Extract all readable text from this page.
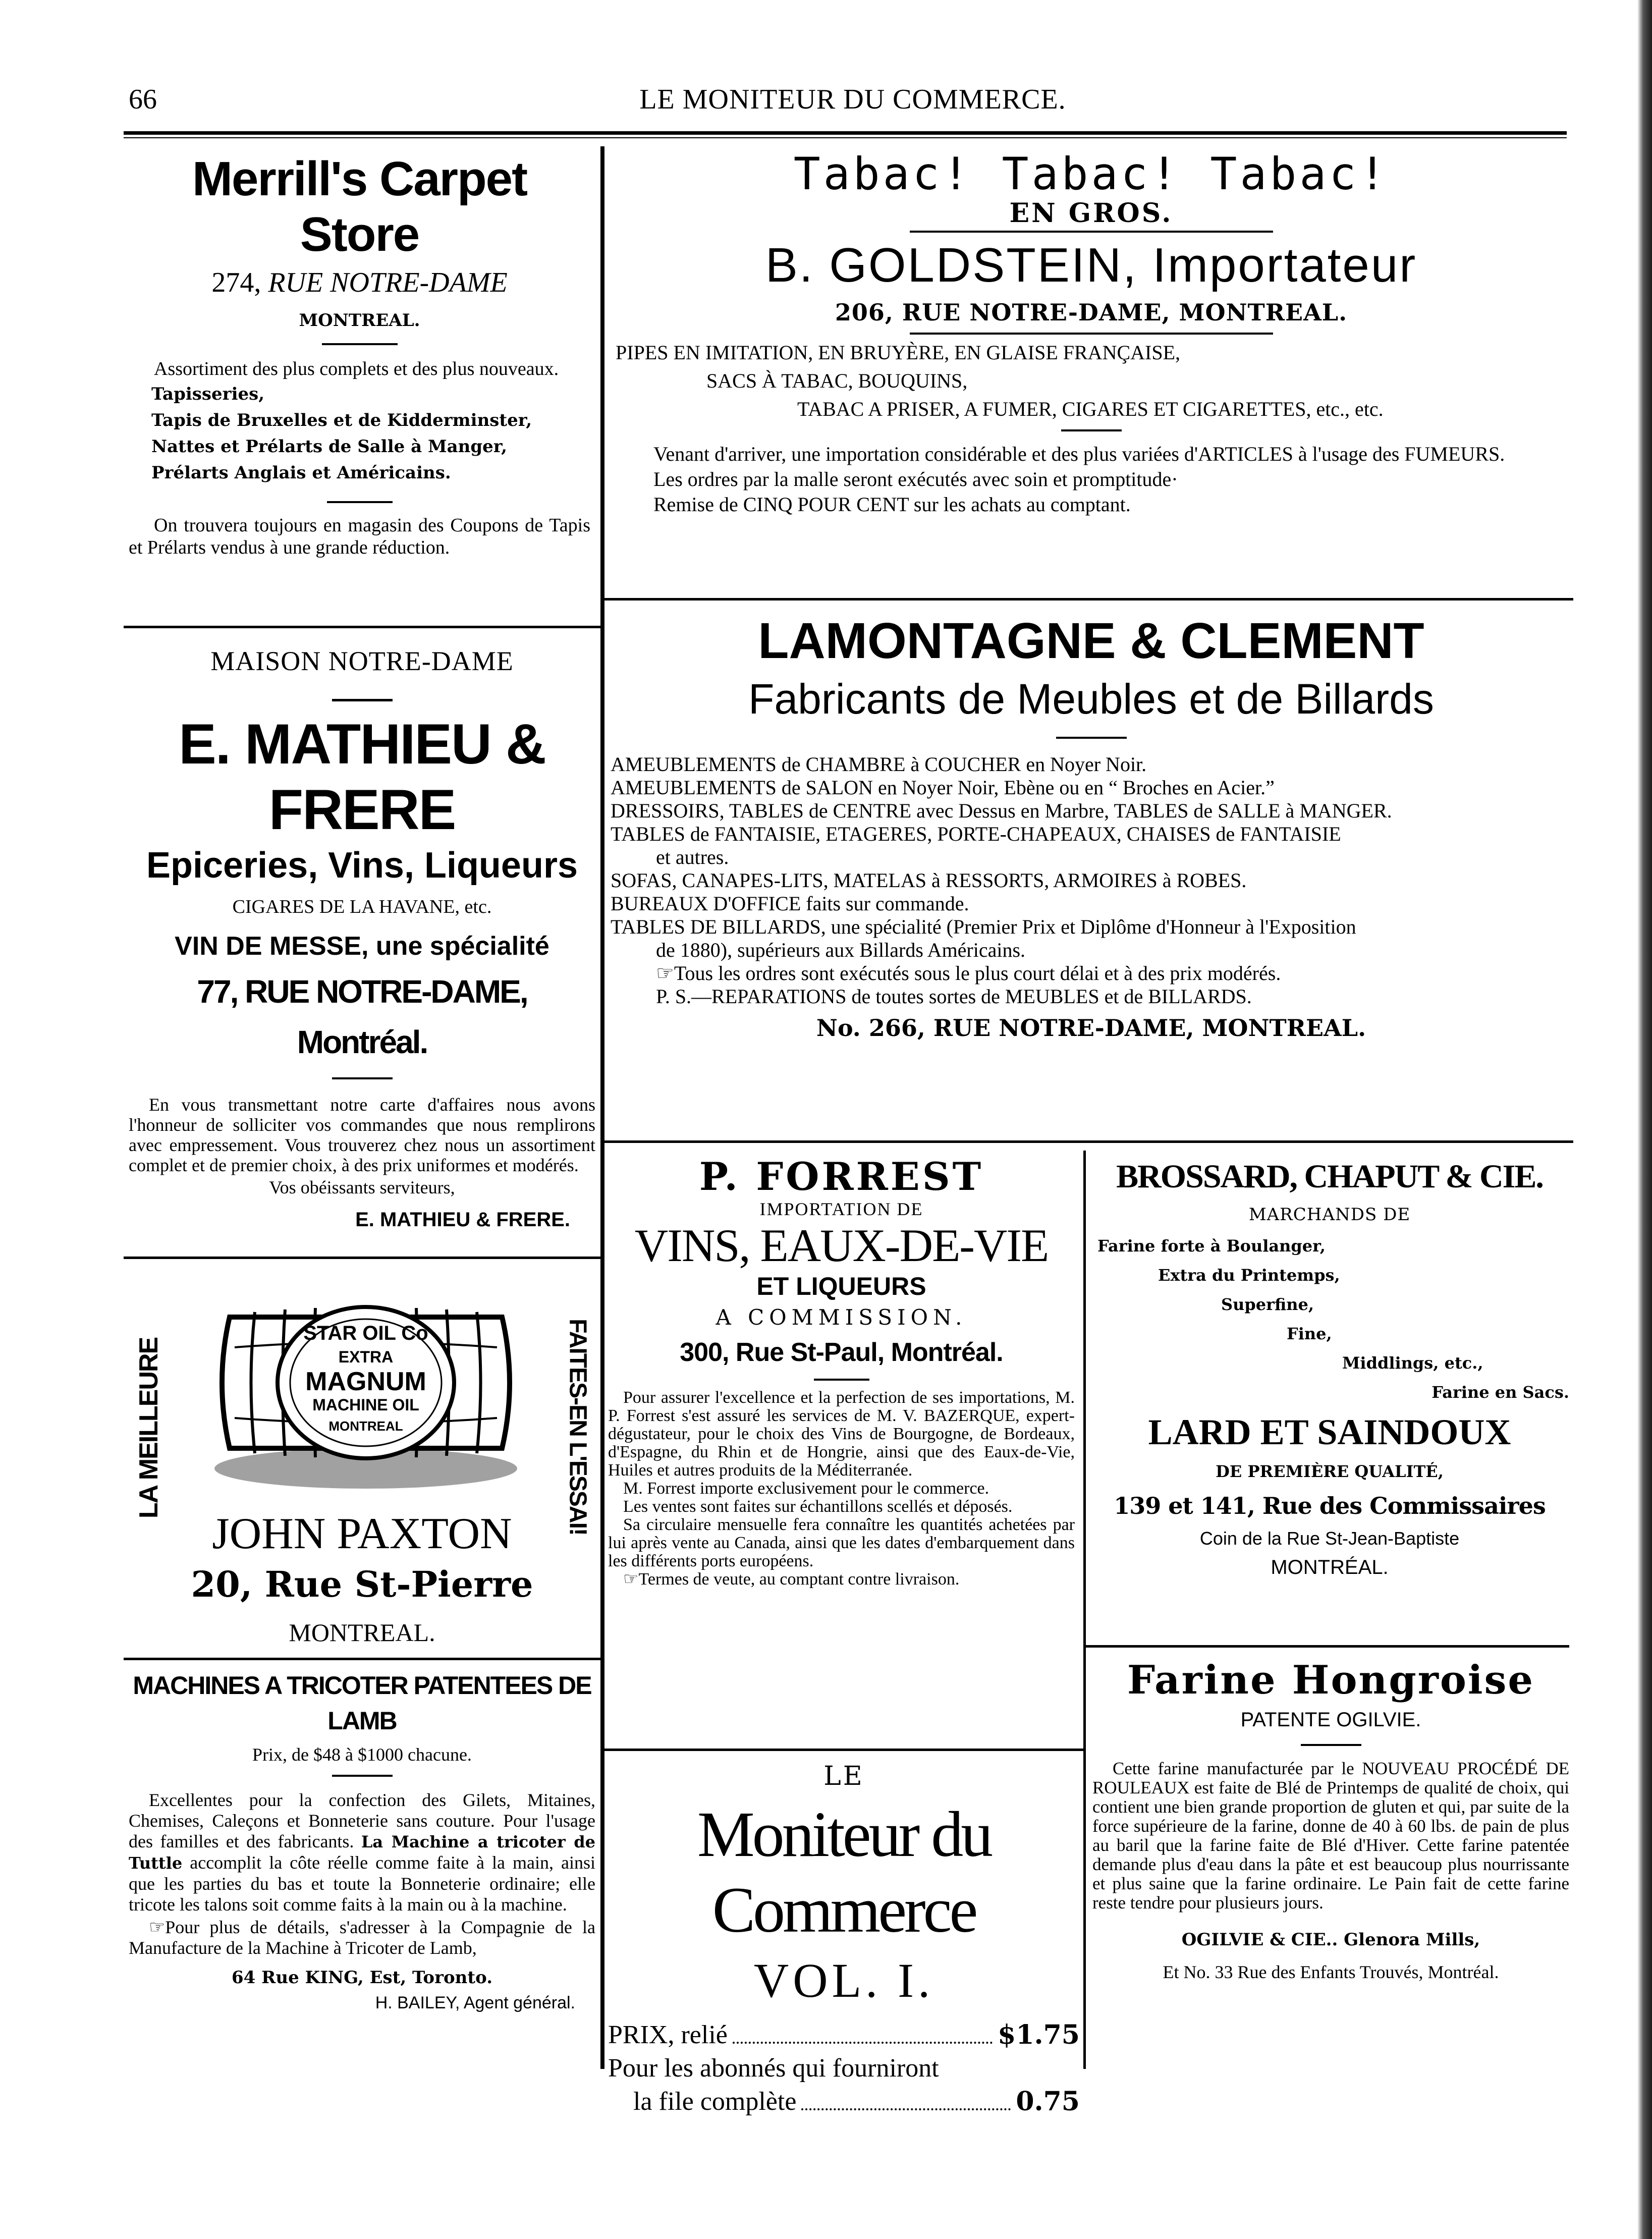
66	LE MONITEUR DU COMMERCE.
Merrill's Carpet Store
274, RUE NOTRE-DAME
MONTREAL.
Assortiment des plus complets et des plus nouveaux.
Tapisseries,
Tapis de Bruxelles et de Kidderminster,
Nattes et Prélarts de Salle à Manger,
Prélarts Anglais et Américains.
On trouvera toujours en magasin des Coupons de Tapis et Prélarts vendus à une grande réduction.
MAISON NOTRE-DAME
E. MATHIEU & FRERE
Epiceries, Vins, Liqueurs
CIGARES DE LA HAVANE, etc.
VIN DE MESSE, une spécialité
77, RUE NOTRE-DAME, Montréal.
En vous transmettant notre carte d'affaires nous avons l'honneur de solliciter vos commandes que nous remplirons avec empressement. Vous trouverez chez nous un assortiment complet et de premier choix, à des prix uniformes et modérés.
Vos obéissants serviteurs,
E. MATHIEU & FRERE.
LA MEILLEURE	FAITES-EN L'ESSAI!
STAR OIL Co
EXTRA
MAGNUM
MACHINE OIL
MONTREAL
JOHN PAXTON
20, Rue St-Pierre
MONTREAL.
MACHINES A TRICOTER PATENTEES DE LAMB
Prix, de $48 à $1000 chacune.
Excellentes pour la confection des Gilets, Mitaines, Chemises, Caleçons et Bonneterie sans couture. Pour l'usage des familles et des fabricants. La Machine a tricoter de Tuttle accomplit la côte réelle comme faite à la main, ainsi que les parties du bas et toute la Bonneterie ordinaire; elle tricote les talons soit comme faits à la main ou à la machine.
☞Pour plus de détails, s'adresser à la Compagnie de la Manufacture de la Machine à Tricoter de Lamb,
64 Rue KING, Est, Toronto.
H. BAILEY, Agent général.
Tabac! Tabac! Tabac!
EN GROS.
B. GOLDSTEIN, Importateur
206, RUE NOTRE-DAME, MONTREAL.
PIPES EN IMITATION, EN BRUYÈRE, EN GLAISE FRANÇAISE,
SACS À TABAC, BOUQUINS,
TABAC A PRISER, A FUMER, CIGARES ET CIGARETTES, etc., etc.
Venant d'arriver, une importation considérable et des plus variées d'ARTICLES à l'usage des FUMEURS.
Les ordres par la malle seront exécutés avec soin et promptitude·
Remise de CINQ POUR CENT sur les achats au comptant.
LAMONTAGNE & CLEMENT
Fabricants de Meubles et de Billards
AMEUBLEMENTS de CHAMBRE à COUCHER en Noyer Noir.
AMEUBLEMENTS de SALON en Noyer Noir, Ebène ou en “ Broches en Acier.”
DRESSOIRS, TABLES de CENTRE avec Dessus en Marbre, TABLES de SALLE à MANGER.
TABLES de FANTAISIE, ETAGERES, PORTE-CHAPEAUX, CHAISES de FANTAISIE
et autres.
SOFAS, CANAPES-LITS, MATELAS à RESSORTS, ARMOIRES à ROBES.
BUREAUX D'OFFICE faits sur commande.
TABLES DE BILLARDS, une spécialité (Premier Prix et Diplôme d'Honneur à l'Exposition
de 1880), supérieurs aux Billards Américains.
☞Tous les ordres sont exécutés sous le plus court délai et à des prix modérés.
P. S.—REPARATIONS de toutes sortes de MEUBLES et de BILLARDS.
No. 266, RUE NOTRE-DAME, MONTREAL.
P. FORREST
IMPORTATION DE
VINS, EAUX-DE-VIE
ET LIQUEURS
A COMMISSION.
300, Rue St-Paul, Montréal.
Pour assurer l'excellence et la perfection de ses importations, M. P. Forrest s'est assuré les services de M. V. BAZERQUE, expert-dégustateur, pour le choix des Vins de Bourgogne, de Bordeaux, d'Espagne, du Rhin et de Hongrie, ainsi que des Eaux-de-Vie, Huiles et autres produits de la Méditerranée.
M. Forrest importe exclusivement pour le commerce.
Les ventes sont faites sur échantillons scellés et déposés.
Sa circulaire mensuelle fera connaître les quantités achetées par lui après vente au Canada, ainsi que les dates d'embarquement dans les différents ports européens.
☞Termes de veute, au comptant contre livraison.
LE
Moniteur du Commerce
VOL. I.
PRIX, relié	$1.75
Pour les abonnés qui fourniront
la file complète	0.75
BROSSARD, CHAPUT & CIE.
MARCHANDS DE
Farine forte à Boulanger,
Extra du Printemps,
Superfine,
Fine,
Middlings, etc.,
Farine en Sacs.
LARD ET SAINDOUX
DE PREMIÈRE QUALITÉ,
139 et 141, Rue des Commissaires
Coin de la Rue St-Jean-Baptiste
MONTRÉAL.
Farine Hongroise
PATENTE OGILVIE.
Cette farine manufacturée par le NOUVEAU PROCÉDÉ DE ROULEAUX est faite de Blé de Printemps de qualité de choix, qui contient une bien grande proportion de gluten et qui, par suite de la force supérieure de la farine, donne de 40 à 60 lbs. de pain de plus au baril que la farine faite de Blé d'Hiver. Cette farine patentée demande plus d'eau dans la pâte et est beaucoup plus nourrissante et plus saine que la farine ordinaire. Le Pain fait de cette farine reste tendre pour plusieurs jours.
OGILVIE & CIE.. Glenora Mills,
Et No. 33 Rue des Enfants Trouvés, Montréal.
